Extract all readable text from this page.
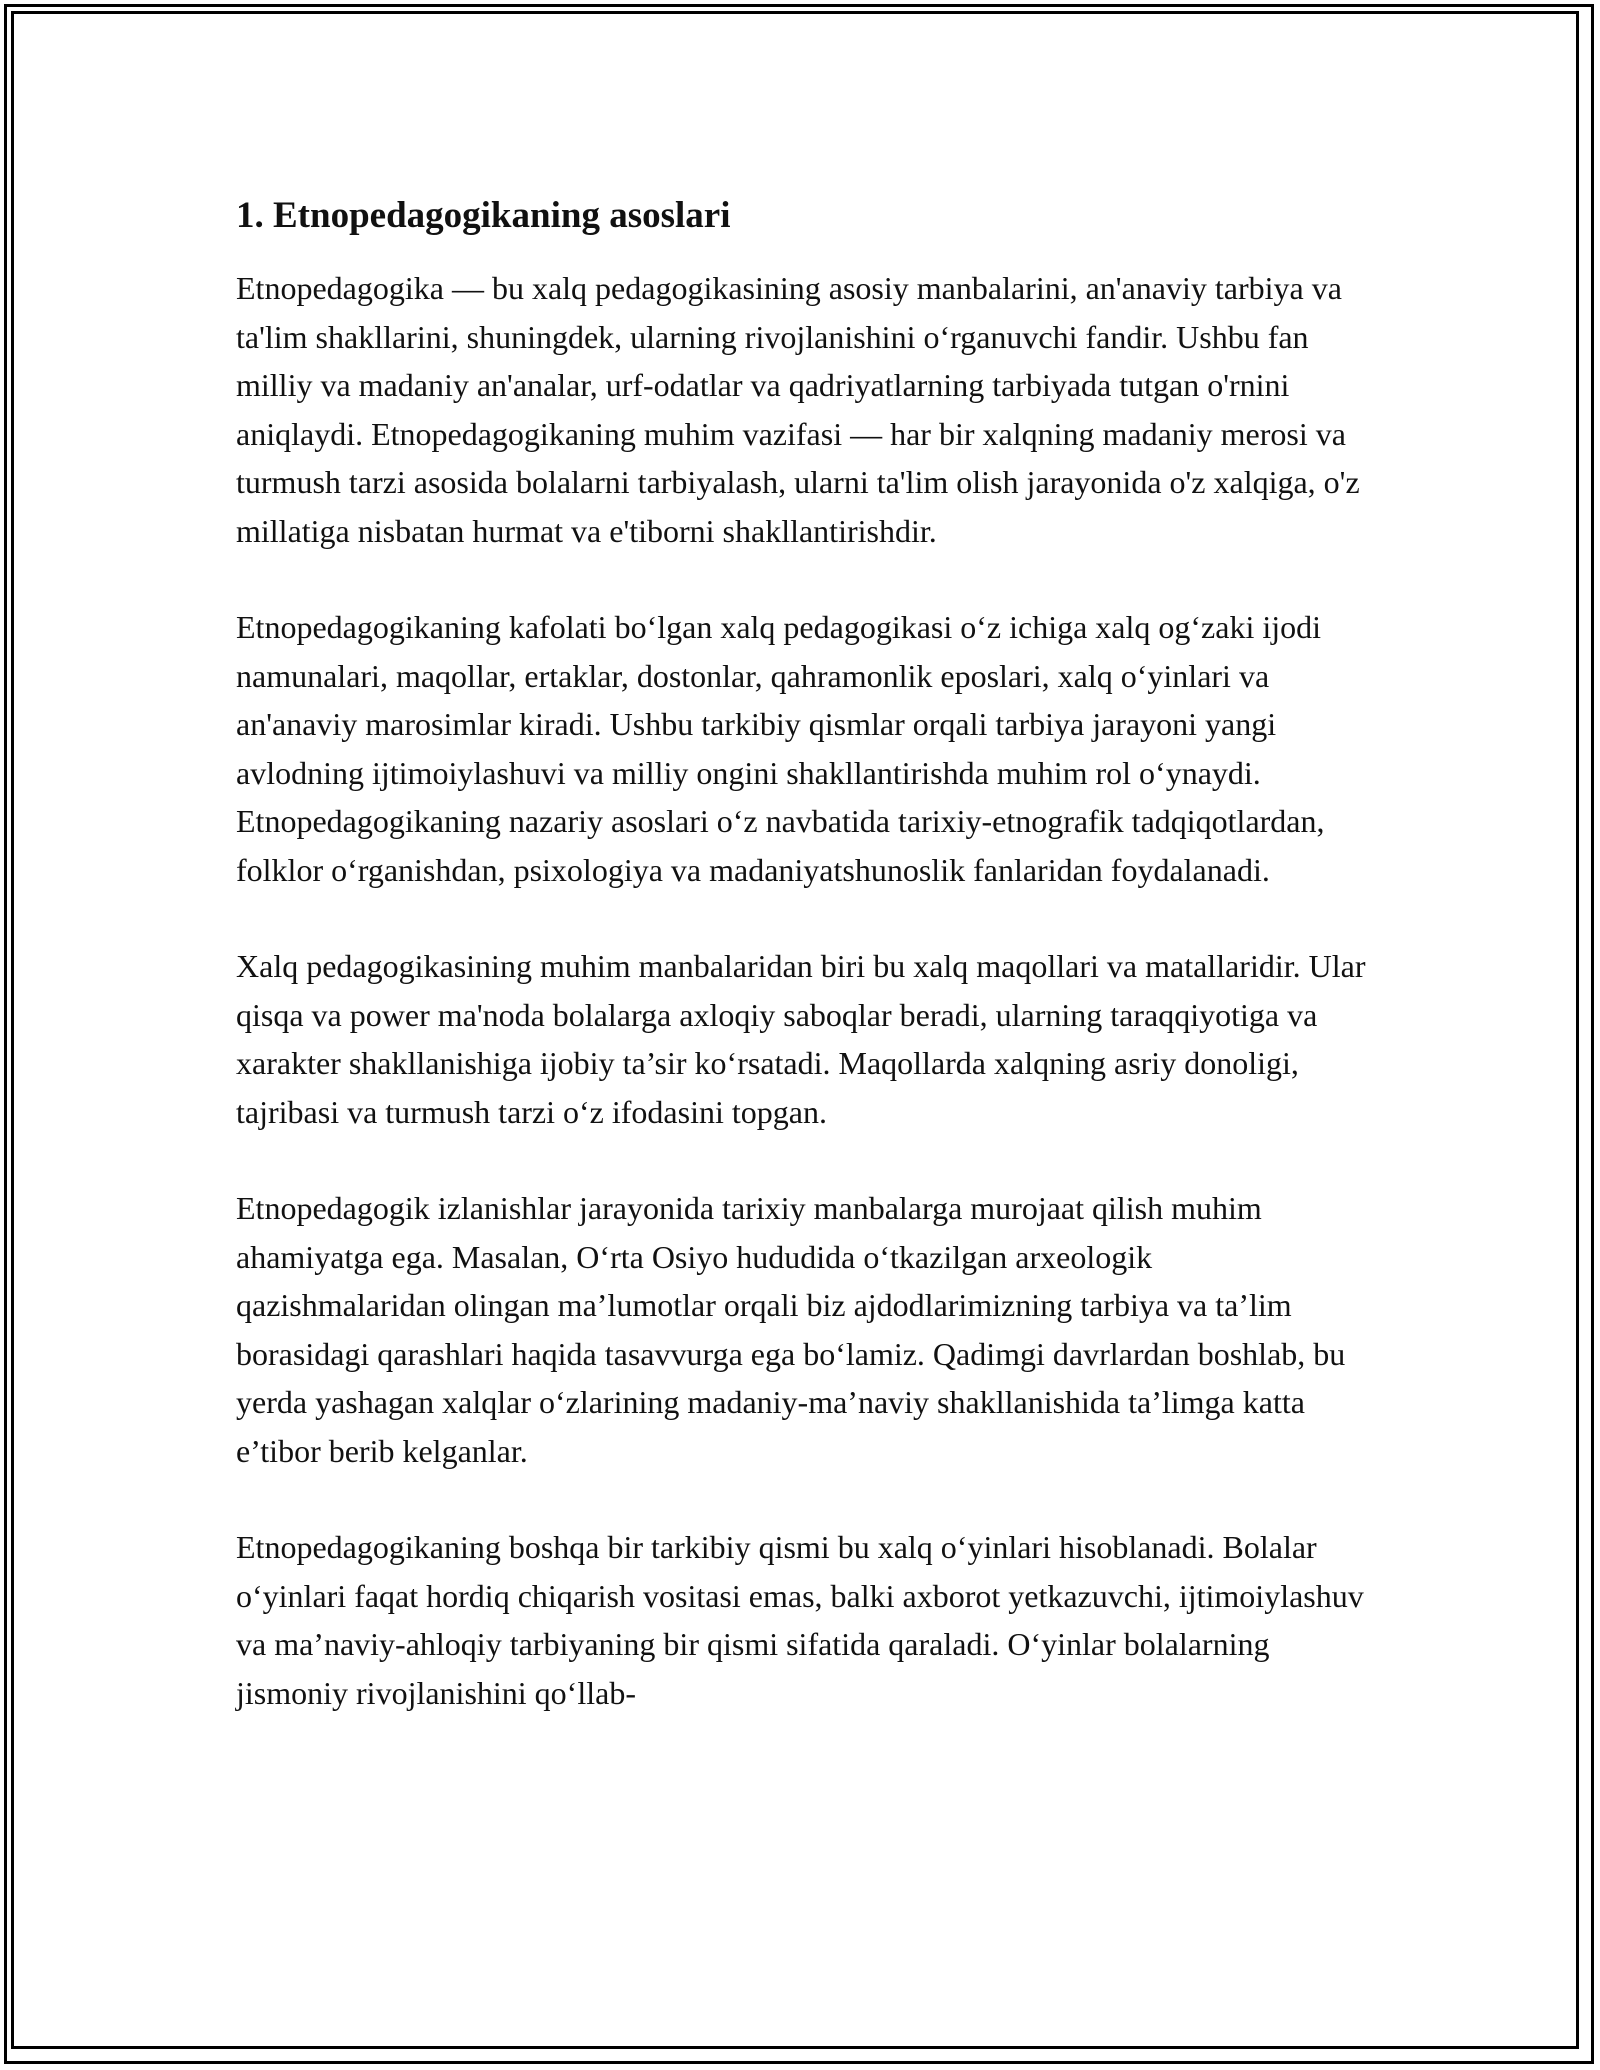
1. Etnopedagogikaning asoslari

Etnopedagogika — bu xalq pedagogikasining asosiy manbalarini, an'anaviy tarbiya va ta'lim shakllarini, shuningdek, ularning rivojlanishini o‘rganuvchi fandir. Ushbu fan milliy va madaniy an'analar, urf-odatlar va qadriyatlarning tarbiyada tutgan o'rnini aniqlaydi. Etnopedagogikaning muhim vazifasi — har bir xalqning madaniy merosi va turmush tarzi asosida bolalarni tarbiyalash, ularni ta'lim olish jarayonida o'z xalqiga, o'z millatiga nisbatan hurmat va e'tiborni shakllantirishdir.

Etnopedagogikaning kafolati bo‘lgan xalq pedagogikasi o‘z ichiga xalq og‘zaki ijodi namunalari, maqollar, ertaklar, dostonlar, qahramonlik eposlari, xalq o‘yinlari va an'anaviy marosimlar kiradi. Ushbu tarkibiy qismlar orqali tarbiya jarayoni yangi avlodning ijtimoiylashuvi va milliy ongini shakllantirishda muhim rol o‘ynaydi. Etnopedagogikaning nazariy asoslari o‘z navbatida tarixiy-etnografik tadqiqotlardan, folklor o‘rganishdan, psixologiya va madaniyatshunoslik fanlaridan foydalanadi.

Xalq pedagogikasining muhim manbalaridan biri bu xalq maqollari va matallaridir. Ular qisqa va power ma'noda bolalarga axloqiy saboqlar beradi, ularning taraqqiyotiga va xarakter shakllanishiga ijobiy ta’sir ko‘rsatadi. Maqollarda xalqning asriy donoligi, tajribasi va turmush tarzi o‘z ifodasini topgan.

Etnopedagogik izlanishlar jarayonida tarixiy manbalarga murojaat qilish muhim ahamiyatga ega. Masalan, O‘rta Osiyo hududida o‘tkazilgan arxeologik qazishmalaridan olingan ma’lumotlar orqali biz ajdodlarimizning tarbiya va ta’lim borasidagi qarashlari haqida tasavvurga ega bo‘lamiz. Qadimgi davrlardan boshlab, bu yerda yashagan xalqlar o‘zlarining madaniy-ma’naviy shakllanishida ta’limga katta e’tibor berib kelganlar.

Etnopedagogikaning boshqa bir tarkibiy qismi bu xalq o‘yinlari hisoblanadi. Bolalar o‘yinlari faqat hordiq chiqarish vositasi emas, balki axborot yetkazuvchi, ijtimoiylashuv va ma’naviy-ahloqiy tarbiyaning bir qismi sifatida qaraladi. O‘yinlar bolalarning jismoniy rivojlanishini qo‘llab-
